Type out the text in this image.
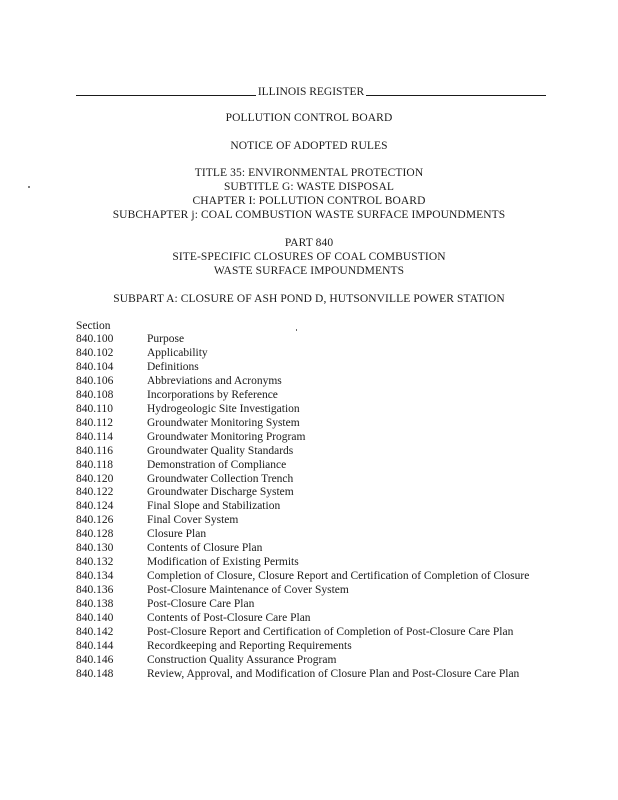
ILLINOIS REGISTER
POLLUTION CONTROL BOARD
NOTICE OF ADOPTED RULES
TITLE 35: ENVIRONMENTAL PROTECTION
SUBTITLE G: WASTE DISPOSAL
CHAPTER I: POLLUTION CONTROL BOARD
SUBCHAPTER j: COAL COMBUSTION WASTE SURFACE IMPOUNDMENTS
PART 840
SITE-SPECIFIC CLOSURES OF COAL COMBUSTION
WASTE SURFACE IMPOUNDMENTS
SUBPART A: CLOSURE OF ASH POND D, HUTSONVILLE POWER STATION
Section
840.100	Purpose
840.102	Applicability
840.104	Definitions
840.106	Abbreviations and Acronyms
840.108	Incorporations by Reference
840.110	Hydrogeologic Site Investigation
840.112	Groundwater Monitoring System
840.114	Groundwater Monitoring Program
840.116	Groundwater Quality Standards
840.118	Demonstration of Compliance
840.120	Groundwater Collection Trench
840.122	Groundwater Discharge System
840.124	Final Slope and Stabilization
840.126	Final Cover System
840.128	Closure Plan
840.130	Contents of Closure Plan
840.132	Modification of Existing Permits
840.134	Completion of Closure, Closure Report and Certification of Completion of Closure
840.136	Post-Closure Maintenance of Cover System
840.138	Post-Closure Care Plan
840.140	Contents of Post-Closure Care Plan
840.142	Post-Closure Report and Certification of Completion of Post-Closure Care Plan
840.144	Recordkeeping and Reporting Requirements
840.146	Construction Quality Assurance Program
840.148	Review, Approval, and Modification of Closure Plan and Post-Closure Care Plan
